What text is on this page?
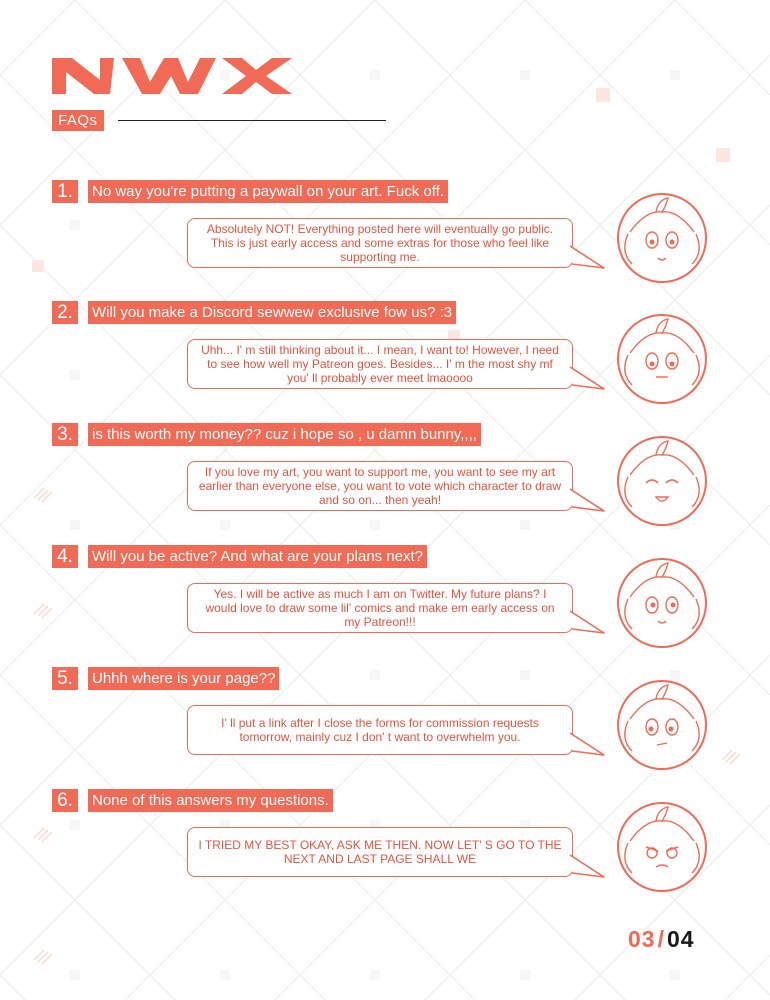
FAQs
1.	No way you're putting a paywall on your art. Fuck off.
Absolutely NOT! Everything posted here will eventually go public. This is just early access and some extras for those who feel like supporting me.
2.	Will you make a Discord sewwew exclusive fow us? :3
Uhh... I' m still thinking about it... I mean, I want to! However, I need to see how well my Patreon goes. Besides... I' m the most shy mf you' ll probably ever meet lmaoooo
3.	is this worth my money?? cuz i hope so , u damn bunny,,,,
If you love my art, you want to support me, you want to see my art earlier than everyone else, you want to vote which character to draw and so on... then yeah!
4.	Will you be active? And what are your plans next?
Yes. I will be active as much I am on Twitter. My future plans? I would love to draw some lil' comics and make em early access on my Patreon!!!
5.	Uhhh where is your page??
I' ll put a link after I close the forms for commission requests tomorrow, mainly cuz I don' t want to overwhelm you.
6.	None of this answers my questions.
I TRIED MY BEST OKAY, ASK ME THEN. NOW LET' S GO TO THE NEXT AND LAST PAGE SHALL WE
03/04
